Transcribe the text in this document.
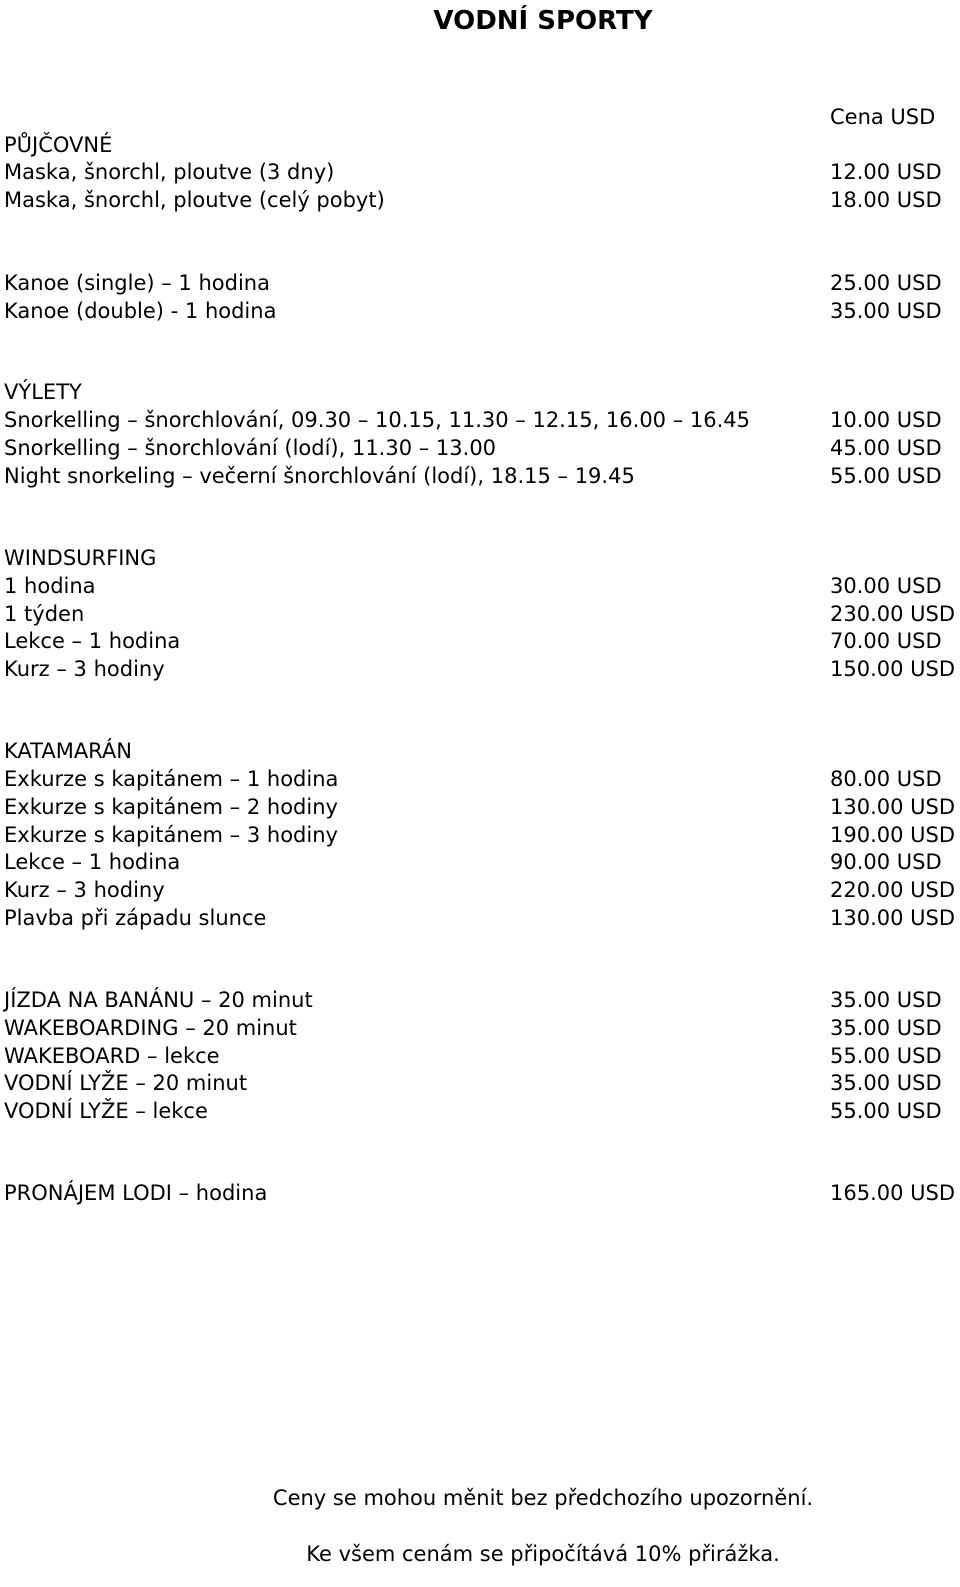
VODNÍ SPORTY
Cena USD
PŮJČOVNÉ
Maska, šnorchl, ploutve (3 dny)	12.00 USD
Maska, šnorchl, ploutve (celý pobyt)	18.00 USD
Kanoe (single) – 1 hodina	25.00 USD
Kanoe (double) - 1 hodina	35.00 USD
VÝLETY
Snorkelling – šnorchlování, 09.30 – 10.15, 11.30 – 12.15, 16.00 – 16.45	10.00 USD
Snorkelling – šnorchlování (lodí), 11.30 – 13.00	45.00 USD
Night snorkeling – večerní šnorchlování (lodí), 18.15 – 19.45	55.00 USD
WINDSURFING
1 hodina	30.00 USD
1 týden	230.00 USD
Lekce – 1 hodina	70.00 USD
Kurz – 3 hodiny	150.00 USD
KATAMARÁN
Exkurze s kapitánem – 1 hodina	80.00 USD
Exkurze s kapitánem – 2 hodiny	130.00 USD
Exkurze s kapitánem – 3 hodiny	190.00 USD
Lekce – 1 hodina	90.00 USD
Kurz – 3 hodiny	220.00 USD
Plavba při západu slunce	130.00 USD
JÍZDA NA BANÁNU – 20 minut	35.00 USD
WAKEBOARDING – 20 minut	35.00 USD
WAKEBOARD – lekce	55.00 USD
VODNÍ LYŽE – 20 minut	35.00 USD
VODNÍ LYŽE – lekce	55.00 USD
PRONÁJEM LODI – hodina	165.00 USD
Ceny se mohou měnit bez předchozího upozornění.
Ke všem cenám se připočítává 10% přirážka.
